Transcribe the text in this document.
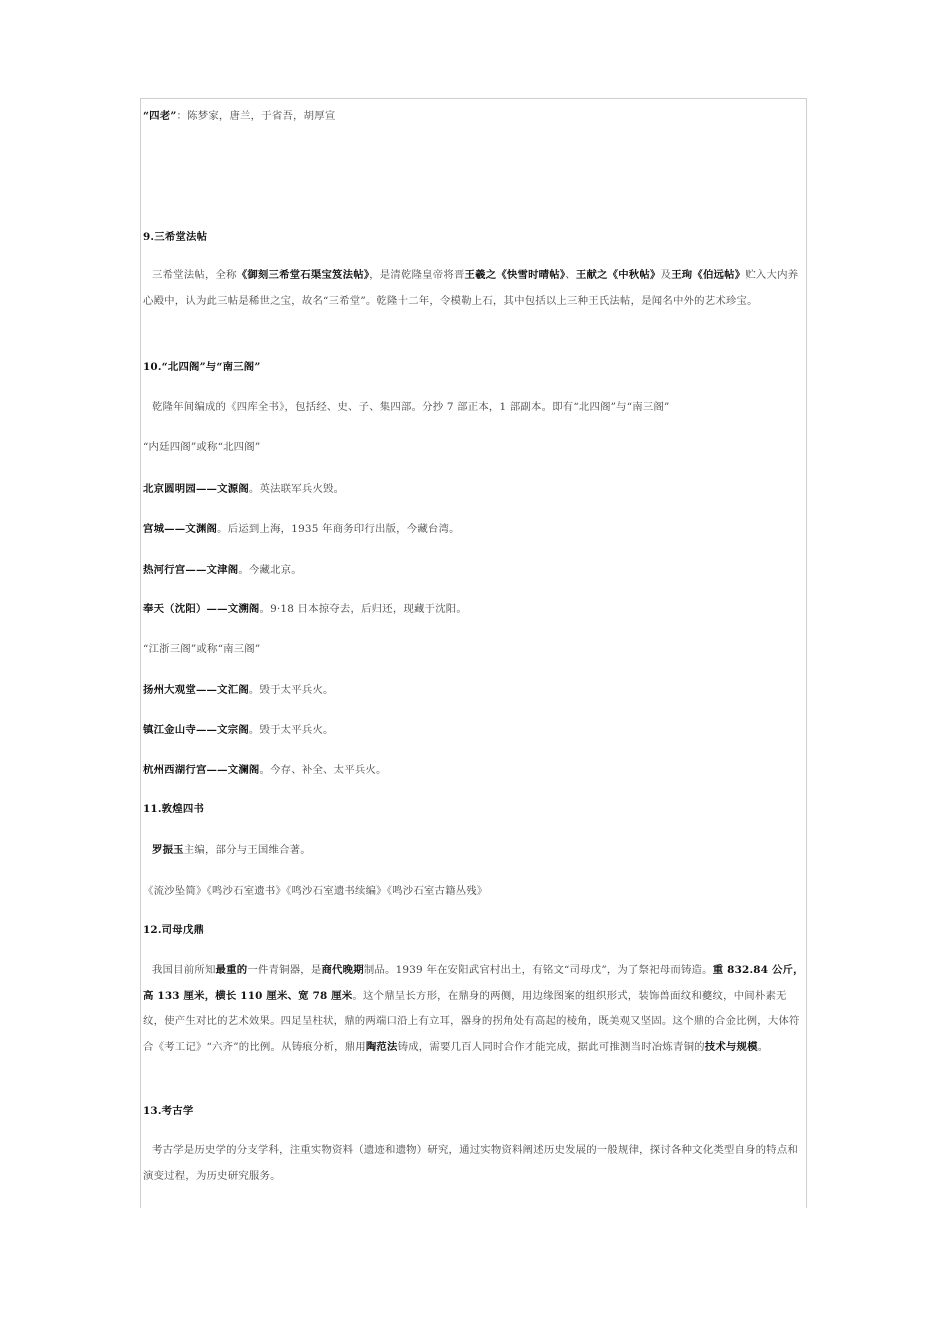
“四老”：陈梦家，唐兰，于省吾，胡厚宣
9.三希堂法帖
三希堂法帖，全称《御刻三希堂石渠宝笈法帖》，是清乾隆皇帝将晋王羲之《快雪时晴帖》、王献之《中秋帖》及王珣《伯远帖》贮入大内养心殿中，认为此三帖是稀世之宝，故名“三希堂”。乾隆十二年，令模勒上石，其中包括以上三种王氏法帖，是闻名中外的艺术珍宝。
10.“北四阁”与“南三阁”
乾隆年间编成的《四库全书》，包括经、史、子、集四部。分抄 7 部正本，1 部副本。即有“北四阁”与“南三阁”
“内廷四阁”或称“北四阁”
北京圆明园——文源阁。英法联军兵火毁。
宫城——文渊阁。后运到上海，1935 年商务印行出版，今藏台湾。
热河行宫——文津阁。今藏北京。
奉天（沈阳）——文溯阁。9·18 日本掠夺去，后归还，现藏于沈阳。
“江浙三阁”或称“南三阁”
扬州大观堂——文汇阁。毁于太平兵火。
镇江金山寺——文宗阁。毁于太平兵火。
杭州西湖行宫——文澜阁。今存、补全、太平兵火。
11.敦煌四书
罗振玉主编，部分与王国维合著。
《流沙坠简》《鸣沙石室遗书》《鸣沙石室遗书续编》《鸣沙石室古籍丛残》
12.司母戊鼎
我国目前所知最重的一件青铜器，是商代晚期制品。1939 年在安阳武官村出土，有铭文“司母戊”，为了祭祀母而铸造。重 832.84 公斤，高 133 厘米，横长 110 厘米、宽 78 厘米。这个鼎呈长方形，在鼎身的两侧，用边缘图案的组织形式，装饰兽面纹和夔纹，中间朴素无纹，使产生对比的艺术效果。四足呈柱状，鼎的两端口沿上有立耳，器身的拐角处有高起的棱角，既美观又坚固。这个鼎的合金比例，大体符合《考工记》“六齐”的比例。从铸痕分析，鼎用陶范法铸成，需要几百人同时合作才能完成，据此可推测当时冶炼青铜的技术与规模。
13.考古学
考古学是历史学的分支学科，注重实物资料（遗迹和遗物）研究，通过实物资料阐述历史发展的一般规律，探讨各种文化类型自身的特点和演变过程，为历史研究服务。
